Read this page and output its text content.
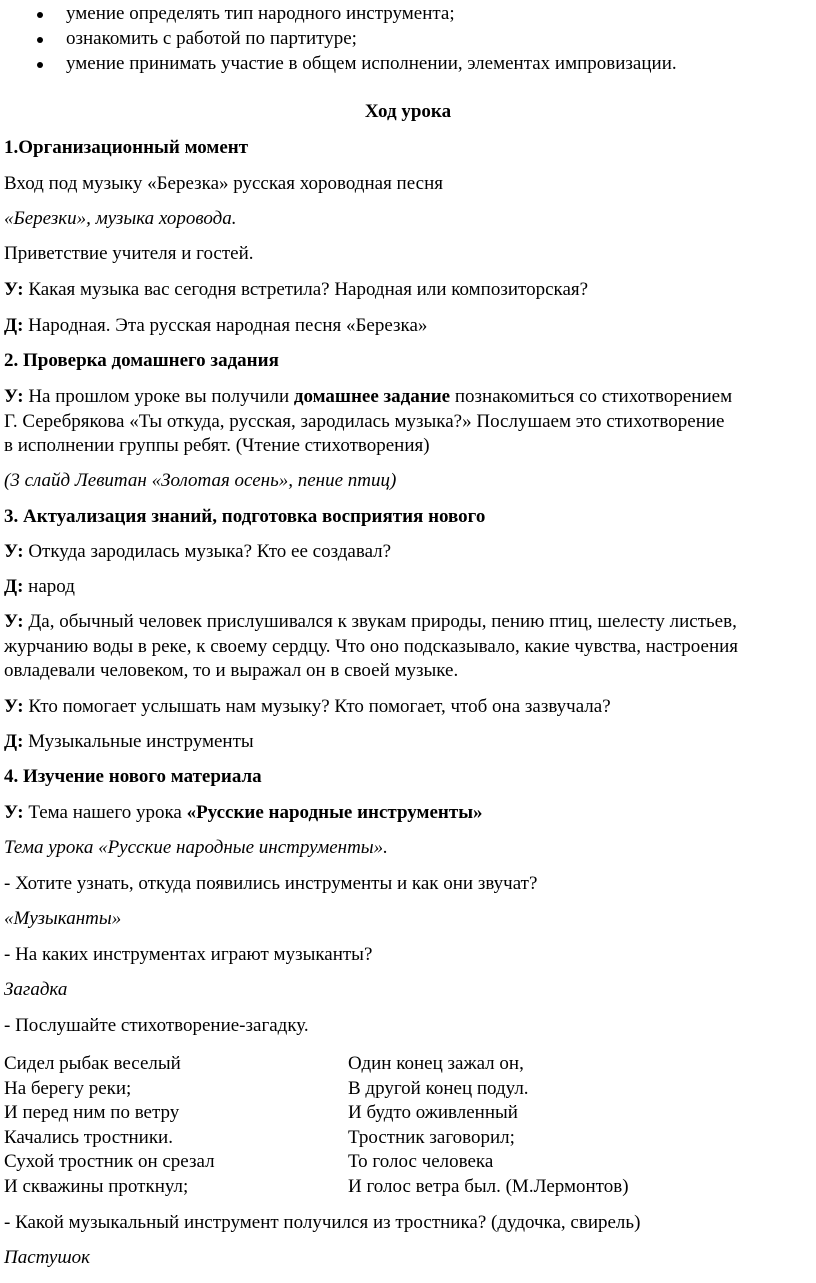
умение определять тип народного инструмента;
ознакомить с работой по партитуре;
умение принимать участие в общем исполнении, элементах импровизации.

Ход урока

1.Организационный момент

Вход под музыку «Березка» русская хороводная песня

«Березки», музыка хоровода.

Приветствие учителя и гостей.

У: Какая музыка вас сегодня встретила? Народная или композиторская?

Д: Народная. Эта русская народная песня «Березка»

2. Проверка домашнего задания

У: На прошлом уроке вы получили домашнее задание познакомиться со стихотворением

Г. Серебрякова «Ты откуда, русская, зародилась музыка?» Послушаем это стихотворение

в исполнении группы ребят. (Чтение стихотворения)

(3 слайд Левитан «Золотая осень», пение птиц)

3. Актуализация знаний, подготовка восприятия нового

У: Откуда зародилась музыка? Кто ее создавал?

Д: народ

У: Да, обычный человек прислушивался к звукам природы, пению птиц, шелесту листьев,

журчанию воды в реке, к своему сердцу. Что оно подсказывало, какие чувства, настроения

овладевали человеком, то и выражал он в своей музыке.

У: Кто помогает услышать нам музыку? Кто помогает, чтоб она зазвучала?

Д: Музыкальные инструменты

4. Изучение нового материала

У: Тема нашего урока «Русские народные инструменты»

Тема урока «Русские народные инструменты».

- Хотите узнать, откуда появились инструменты и как они звучат?

«Музыканты»

- На каких инструментах играют музыканты?

Загадка

- Послушайте стихотворение-загадку.

Сидел рыбак веселый
На берегу реки;
И перед ним по ветру
Качались тростники.
Сухой тростник он срезал
И скважины проткнул;
Один конец зажал он,
В другой конец подул.
И будто оживленный
Тростник заговорил;
То голос человека
И голос ветра был. (М.Лермонтов)

- Какой музыкальный инструмент получился из тростника? (дудочка, свирель)

Пастушок
